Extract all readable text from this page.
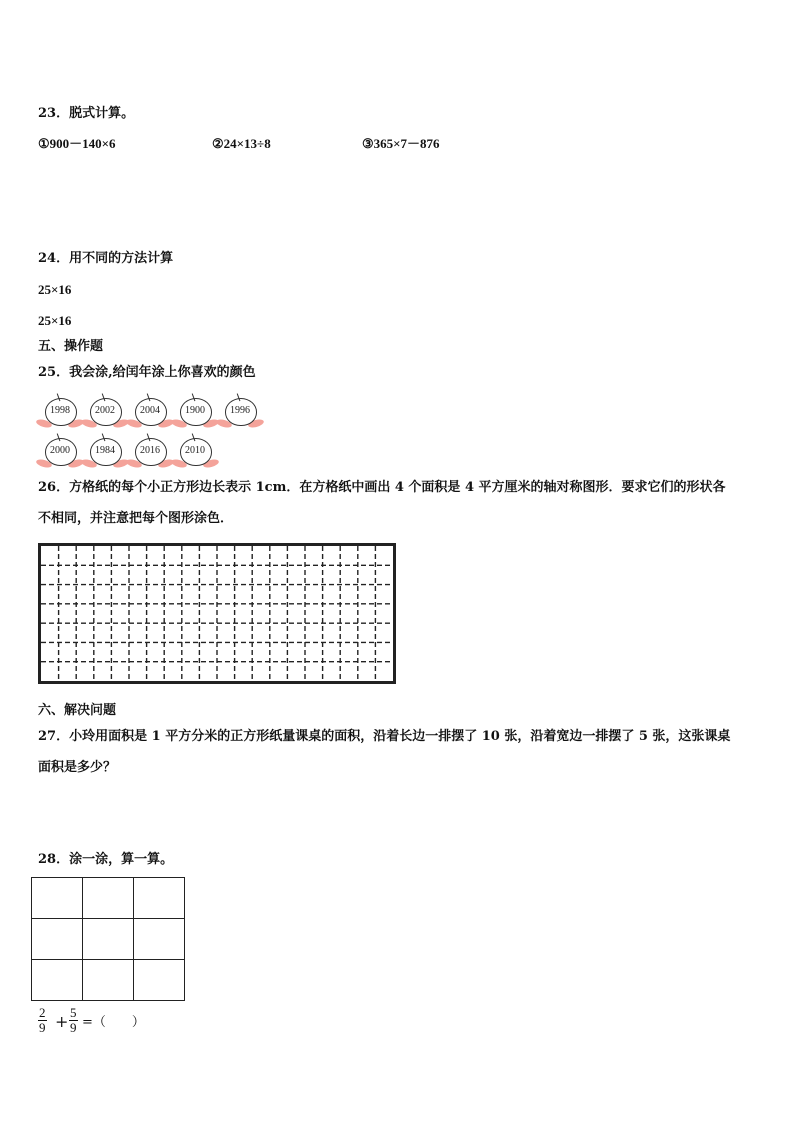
23．脱式计算。
①900－140×6	②24×13÷8	③365×7－876
24．用不同的方法计算
25×16
25×16
五、操作题
25．我会涂,给闰年涂上你喜欢的颜色
1998	2002	2004	1900	1996
2000	1984	2016	2010
26．方格纸的每个小正方形边长表示 1cm．在方格纸中画出 4 个面积是 4 平方厘米的轴对称图形．要求它们的形状各
不相同，并注意把每个图形涂色．
六、解决问题
27．小玲用面积是 1 平方分米的正方形纸量课桌的面积，沿着长边一排摆了 10 张，沿着宽边一排摆了 5 张，这张课桌
面积是多少？
28．涂一涂，算一算。

$\frac{2}{9} + \frac{5}{9}$ =（　　）
